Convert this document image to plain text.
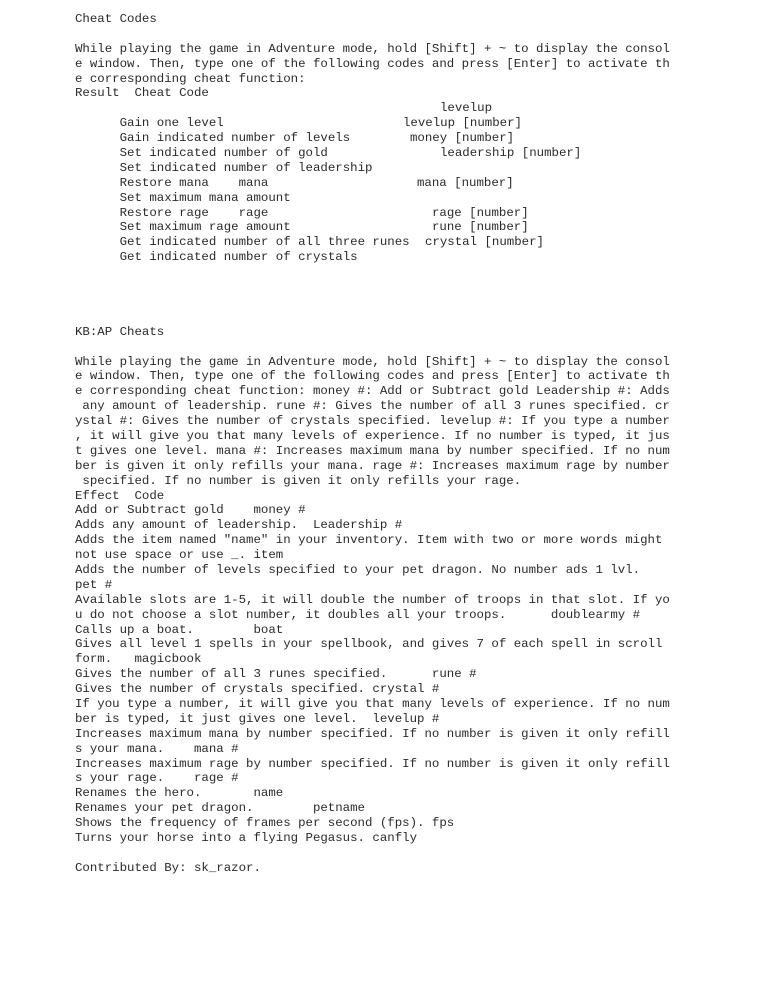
Cheat Codes
While playing the game in Adventure mode, hold [Shift] + ~ to display the consol
e window. Then, type one of the following codes and press [Enter] to activate th
e corresponding cheat function:
Result  Cheat Code

Gain one level

levelup

Gain indicated number of levels

levelup [number]

Set indicated number of gold

money [number]

Set indicated number of leadership

leadership [number]

Restore mana    mana

Set maximum mana amount

mana [number]

Restore rage    rage

Set maximum rage amount

rage [number]

Get indicated number of all three runes

rune [number]

Get indicated number of crystals

crystal [number]

KB:AP Cheats
While playing the game in Adventure mode, hold [Shift] + ~ to display the consol
e window. Then, type one of the following codes and press [Enter] to activate th
e corresponding cheat function: money #: Add or Subtract gold Leadership #: Adds
any amount of leadership. rune #: Gives the number of all 3 runes specified. cr
ystal #: Gives the number of crystals specified. levelup #: If you type a number
, it will give you that many levels of experience. If no number is typed, it jus
t gives one level. mana #: Increases maximum mana by number specified. If no num
ber is given it only refills your mana. rage #: Increases maximum rage by number
specified. If no number is given it only refills your rage.
Effect  Code
Add or Subtract gold    money #
Adds any amount of leadership.  Leadership #
Adds the item named "name" in your inventory. Item with two or more words might
not use space or use _. item
Adds the number of levels specified to your pet dragon. No number ads 1 lvl.
pet #
Available slots are 1-5, it will double the number of troops in that slot. If yo
u do not choose a slot number, it doubles all your troops.      doublearmy #
Calls up a boat.        boat
Gives all level 1 spells in your spellbook, and gives 7 of each spell in scroll
form.   magicbook
Gives the number of all 3 runes specified.      rune #
Gives the number of crystals specified. crystal #
If you type a number, it will give you that many levels of experience. If no num
ber is typed, it just gives one level.  levelup #
Increases maximum mana by number specified. If no number is given it only refill
s your mana.    mana #
Increases maximum rage by number specified. If no number is given it only refill
s your rage.    rage #
Renames the hero.       name
Renames your pet dragon.        petname
Shows the frequency of frames per second (fps). fps
Turns your horse into a flying Pegasus. canfly
Contributed By: sk_razor.
